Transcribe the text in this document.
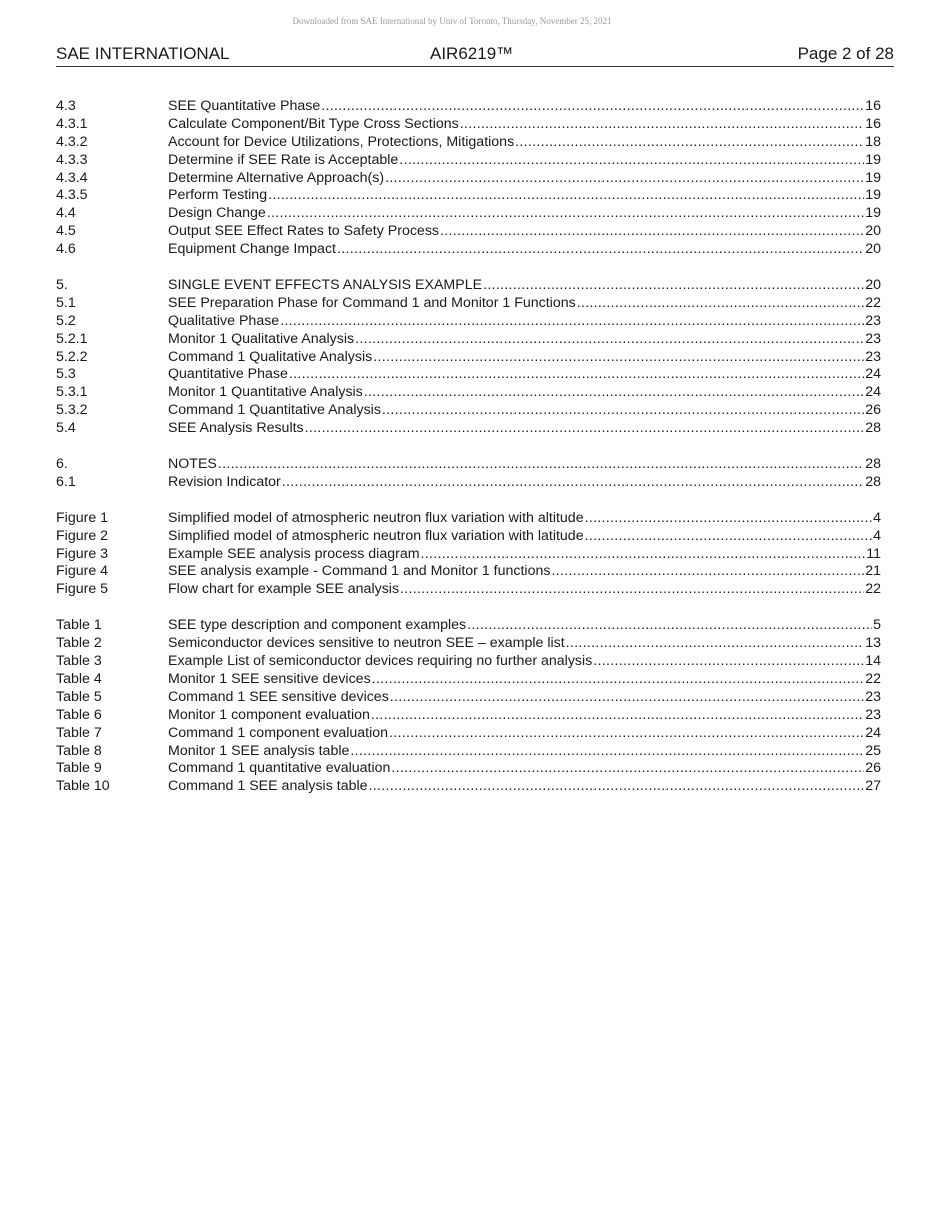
Downloaded from SAE International by Univ of Toronto, Thursday, November 25, 2021
SAE INTERNATIONAL	AIR6219™	Page 2 of 28
4.3	SEE Quantitative Phase .....	16
4.3.1	Calculate Component/Bit Type Cross Sections .....	16
4.3.2	Account for Device Utilizations, Protections, Mitigations .....	18
4.3.3	Determine if SEE Rate is Acceptable .....	19
4.3.4	Determine Alternative Approach(s) .....	19
4.3.5	Perform Testing .....	19
4.4	Design Change .....	19
4.5	Output SEE Effect Rates to Safety Process .....	20
4.6	Equipment Change Impact .....	20
5.	SINGLE EVENT EFFECTS ANALYSIS EXAMPLE .....	20
5.1	SEE Preparation Phase for Command 1 and Monitor 1 Functions .....	22
5.2	Qualitative Phase .....	23
5.2.1	Monitor 1 Qualitative Analysis .....	23
5.2.2	Command 1 Qualitative Analysis .....	23
5.3	Quantitative Phase .....	24
5.3.1	Monitor 1 Quantitative Analysis .....	24
5.3.2	Command 1 Quantitative Analysis .....	26
5.4	SEE Analysis Results .....	28
6.	NOTES .....	28
6.1	Revision Indicator .....	28
Figure 1	Simplified model of atmospheric neutron flux variation with altitude .....	4
Figure 2	Simplified model of atmospheric neutron flux variation with latitude .....	4
Figure 3	Example SEE analysis process diagram .....	11
Figure 4	SEE analysis example - Command 1 and Monitor 1 functions .....	21
Figure 5	Flow chart for example SEE analysis .....	22
Table 1	SEE type description and component examples .....	5
Table 2	Semiconductor devices sensitive to neutron SEE – example list .....	13
Table 3	Example List of semiconductor devices requiring no further analysis .....	14
Table 4	Monitor 1 SEE sensitive devices .....	22
Table 5	Command 1 SEE sensitive devices .....	23
Table 6	Monitor 1 component evaluation .....	23
Table 7	Command 1 component evaluation .....	24
Table 8	Monitor 1 SEE analysis table .....	25
Table 9	Command 1 quantitative evaluation .....	26
Table 10	Command 1 SEE analysis table .....	27
